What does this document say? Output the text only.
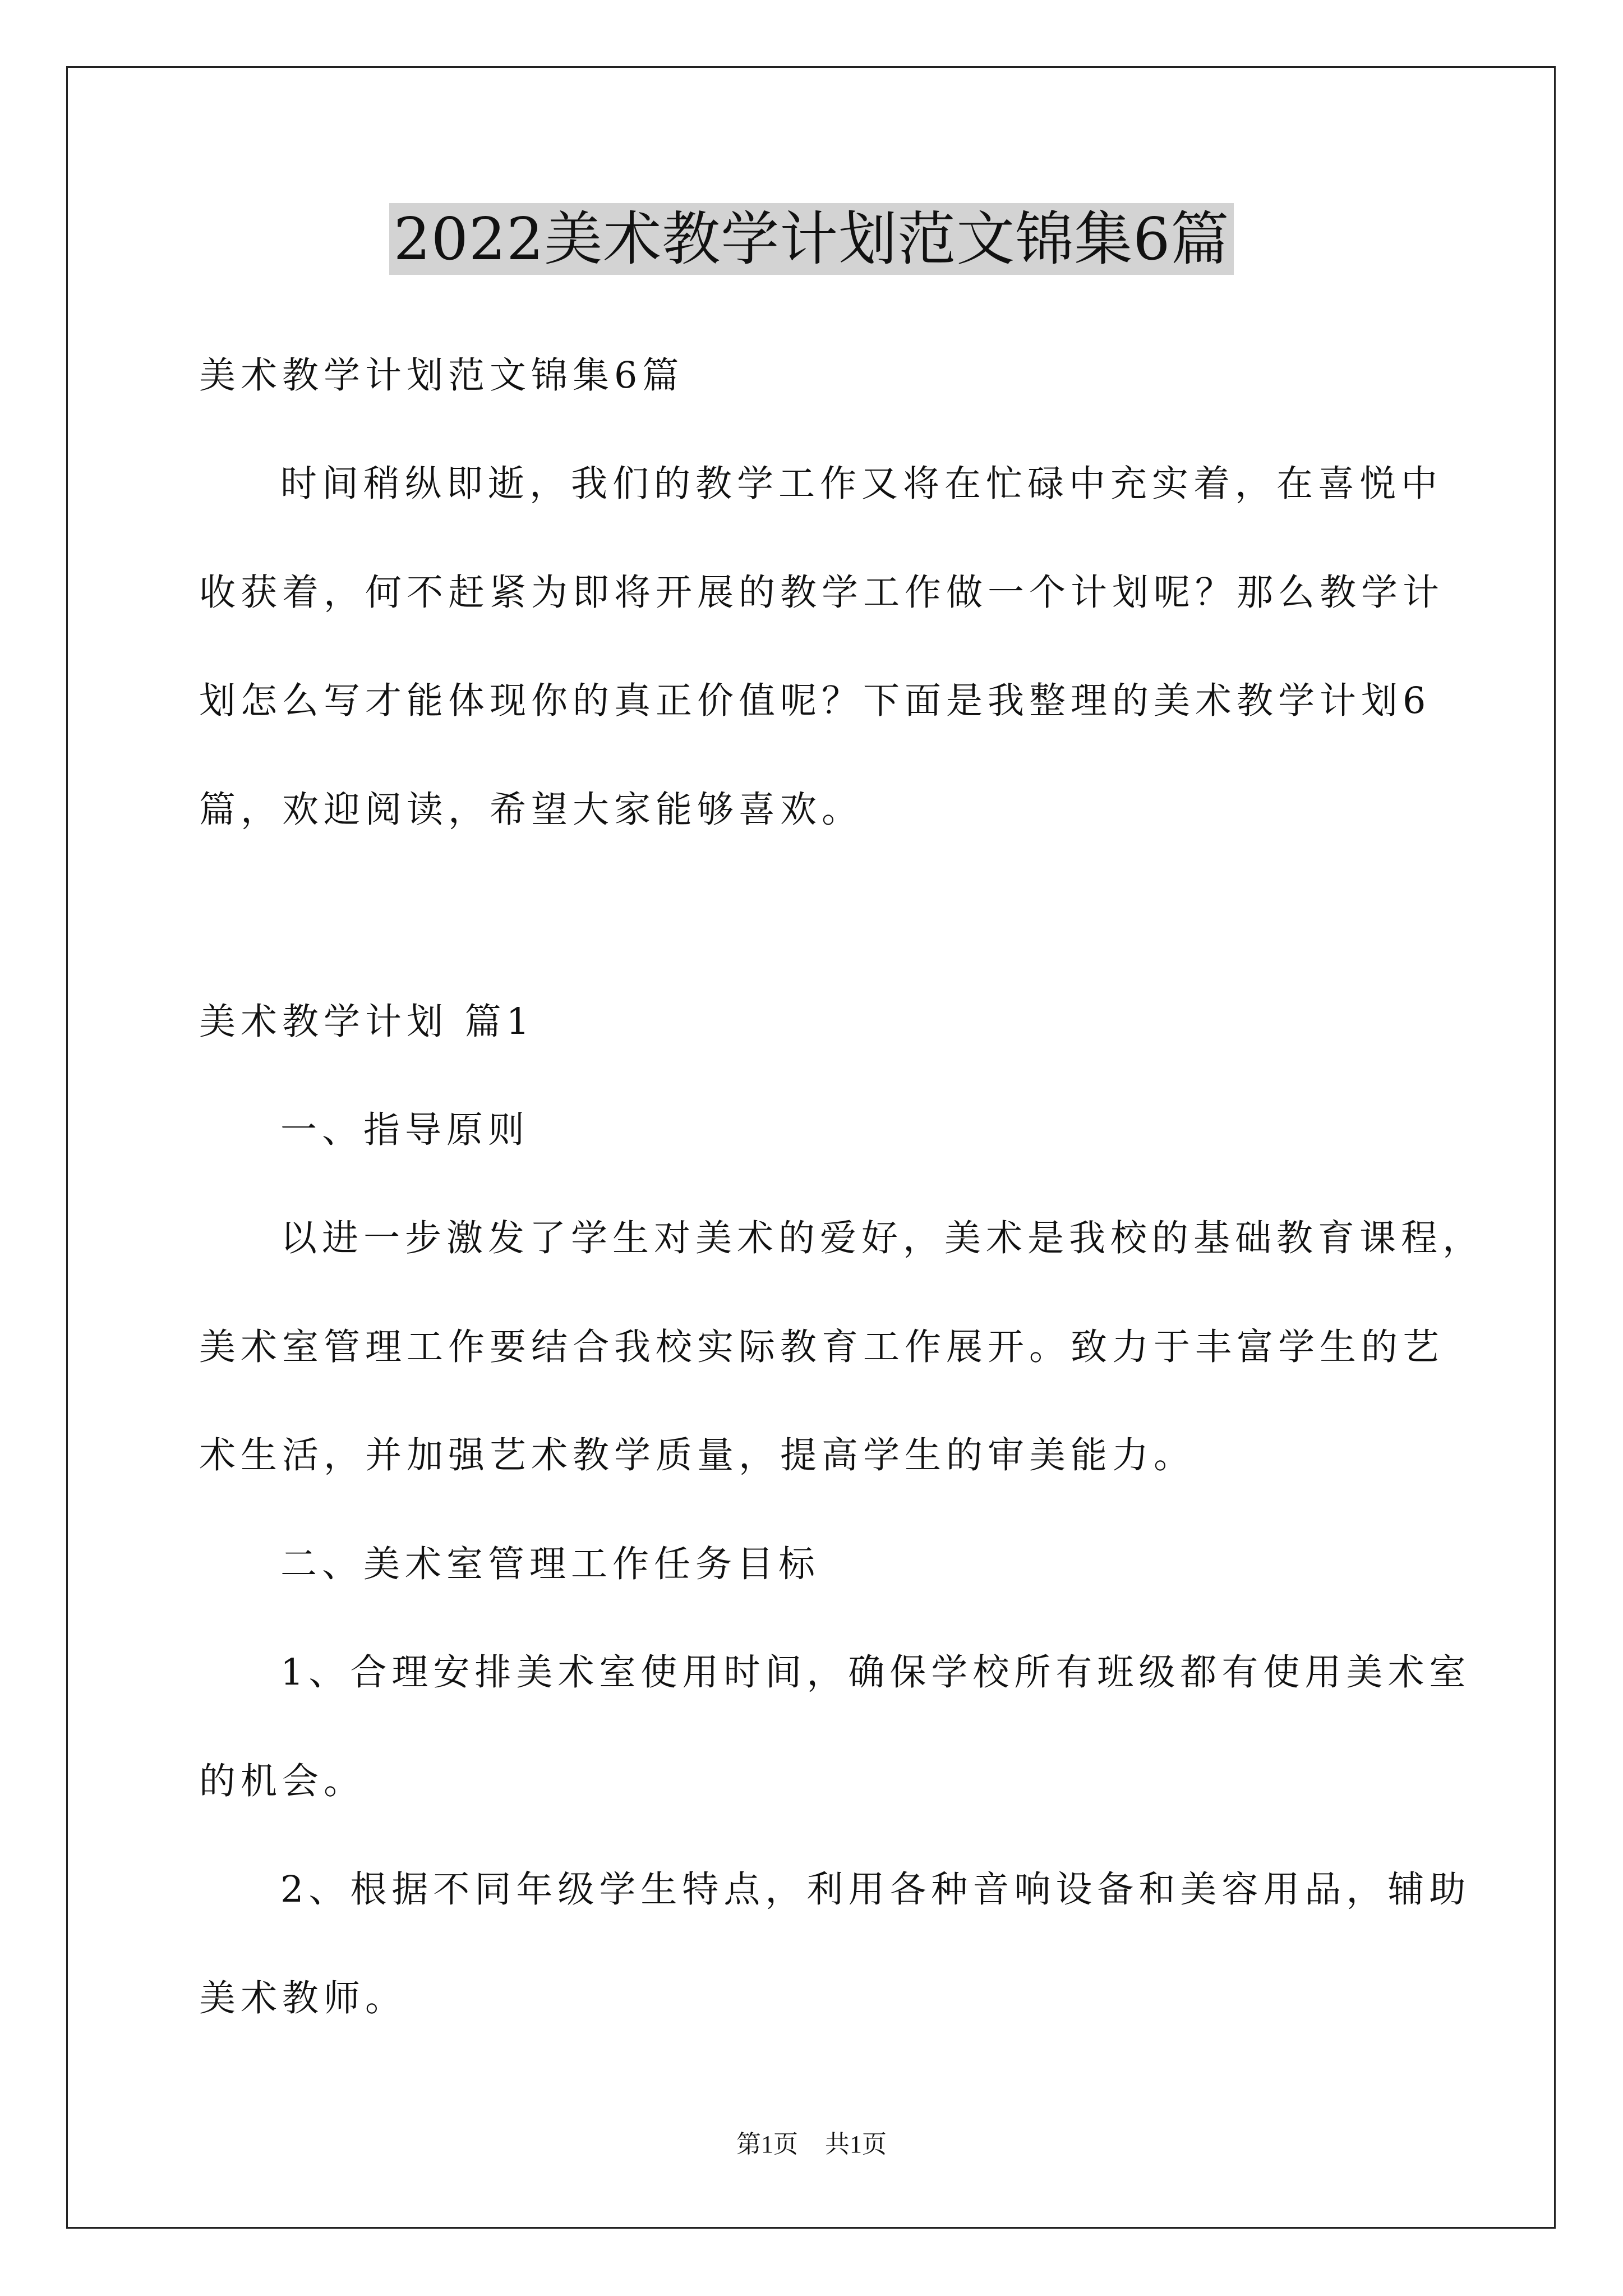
2022美术教学计划范文锦集6篇
美术教学计划范文锦集6篇
时间稍纵即逝，我们的教学工作又将在忙碌中充实着，在喜悦中
收获着，何不赶紧为即将开展的教学工作做一个计划呢？那么教学计
划怎么写才能体现你的真正价值呢？下面是我整理的美术教学计划6
篇，欢迎阅读，希望大家能够喜欢。
美术教学计划 篇1
一、指导原则
以进一步激发了学生对美术的爱好，美术是我校的基础教育课程，
美术室管理工作要结合我校实际教育工作展开。致力于丰富学生的艺
术生活，并加强艺术教学质量，提高学生的审美能力。
二、美术室管理工作任务目标
1、合理安排美术室使用时间，确保学校所有班级都有使用美术室
的机会。
2、根据不同年级学生特点，利用各种音响设备和美容用品，辅助
美术教师。
第1页 共1页
